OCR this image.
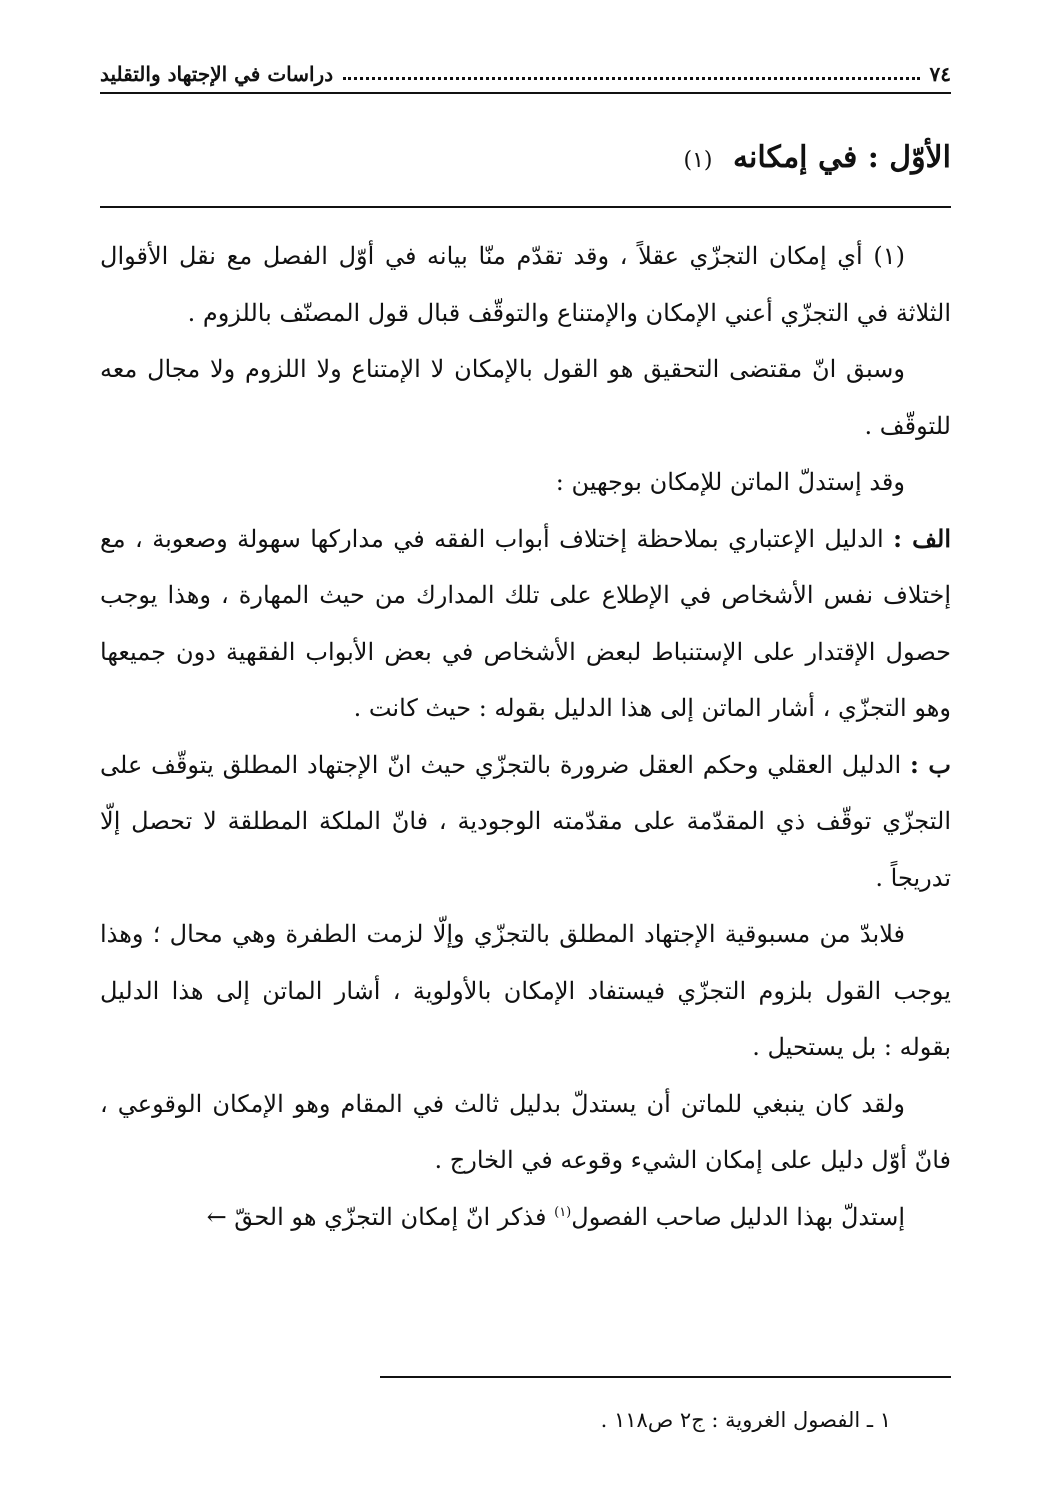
٧٤
دراسات في الإجتهاد والتقليد
الأوّل : في إمكانه (١)

(١) أي إمكان التجزّي عقلاً ، وقد تقدّم منّا بيانه في أوّل الفصل مع نقل الأقوال الثلاثة في التجزّي أعني الإمكان والإمتناع والتوقّف قبال قول المصنّف باللزوم .

وسبق انّ مقتضى التحقيق هو القول بالإمكان لا الإمتناع ولا اللزوم ولا مجال معه للتوقّف .

وقد إستدلّ الماتن للإمكان بوجهين :

الف : الدليل الإعتباري بملاحظة إختلاف أبواب الفقه في مداركها سهولة وصعوبة ، مع إختلاف نفس الأشخاص في الإطلاع على تلك المدارك من حيث المهارة ، وهذا يوجب حصول الإقتدار على الإستنباط لبعض الأشخاص في بعض الأبواب الفقهية دون جميعها وهو التجزّي ، أشار الماتن إلى هذا الدليل بقوله : حيث كانت .

ب : الدليل العقلي وحكم العقل ضرورة بالتجزّي حيث انّ الإجتهاد المطلق يتوقّف على التجزّي توقّف ذي المقدّمة على مقدّمته الوجودية ، فانّ الملكة المطلقة لا تحصل إلّا تدريجاً .

فلابدّ من مسبوقية الإجتهاد المطلق بالتجزّي وإلّا لزمت الطفرة وهي محال ؛ وهذا يوجب القول بلزوم التجزّي فيستفاد الإمكان بالأولوية ، أشار الماتن إلى هذا الدليل بقوله : بل يستحيل .

ولقد كان ينبغي للماتن أن يستدلّ بدليل ثالث في المقام وهو الإمكان الوقوعي ، فانّ أوّل دليل على إمكان الشيء وقوعه في الخارج .

إستدلّ بهذا الدليل صاحب الفصول$^{(١)}$ فذكر انّ إمكان التجزّي هو الحقّ ←

١ ـ الفصول الغروية : ج٢ ص١١٨ .
